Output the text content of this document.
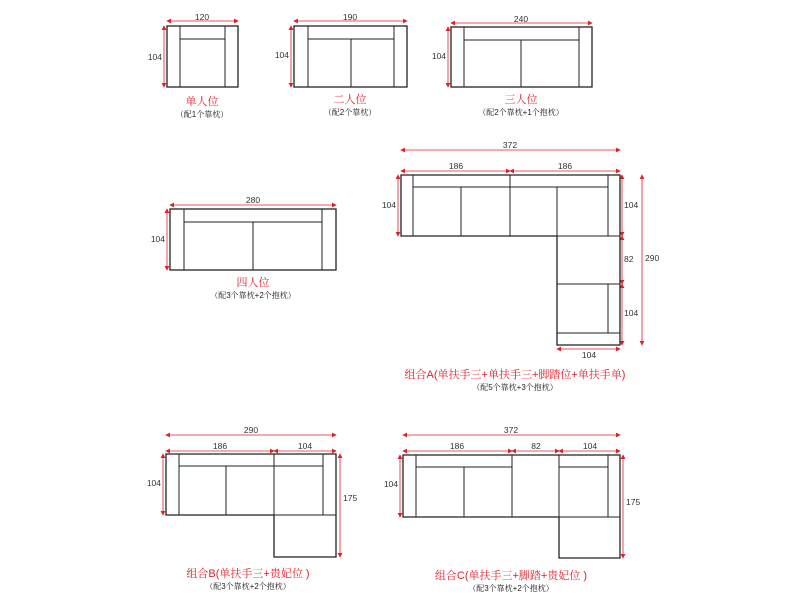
120
104
单人位
（配1个靠枕）
190
104
二人位
（配2个靠枕）
240
104
三人位
（配2个靠枕+1个抱枕）
280
104
四人位
（配3个靠枕+2个抱枕）
372
186	186
104	104
82
104
290
104
组合A(单扶手三+单扶手三+脚踏位+单扶手单)
（配5个靠枕+3个抱枕）
290
186	104
104
175
组合B(单扶手三+贵妃位 )
（配3个靠枕+2个抱枕）
372
186	82	104
104
175
组合C(单扶手三+脚踏+贵妃位 )
（配3个靠枕+2个抱枕）
